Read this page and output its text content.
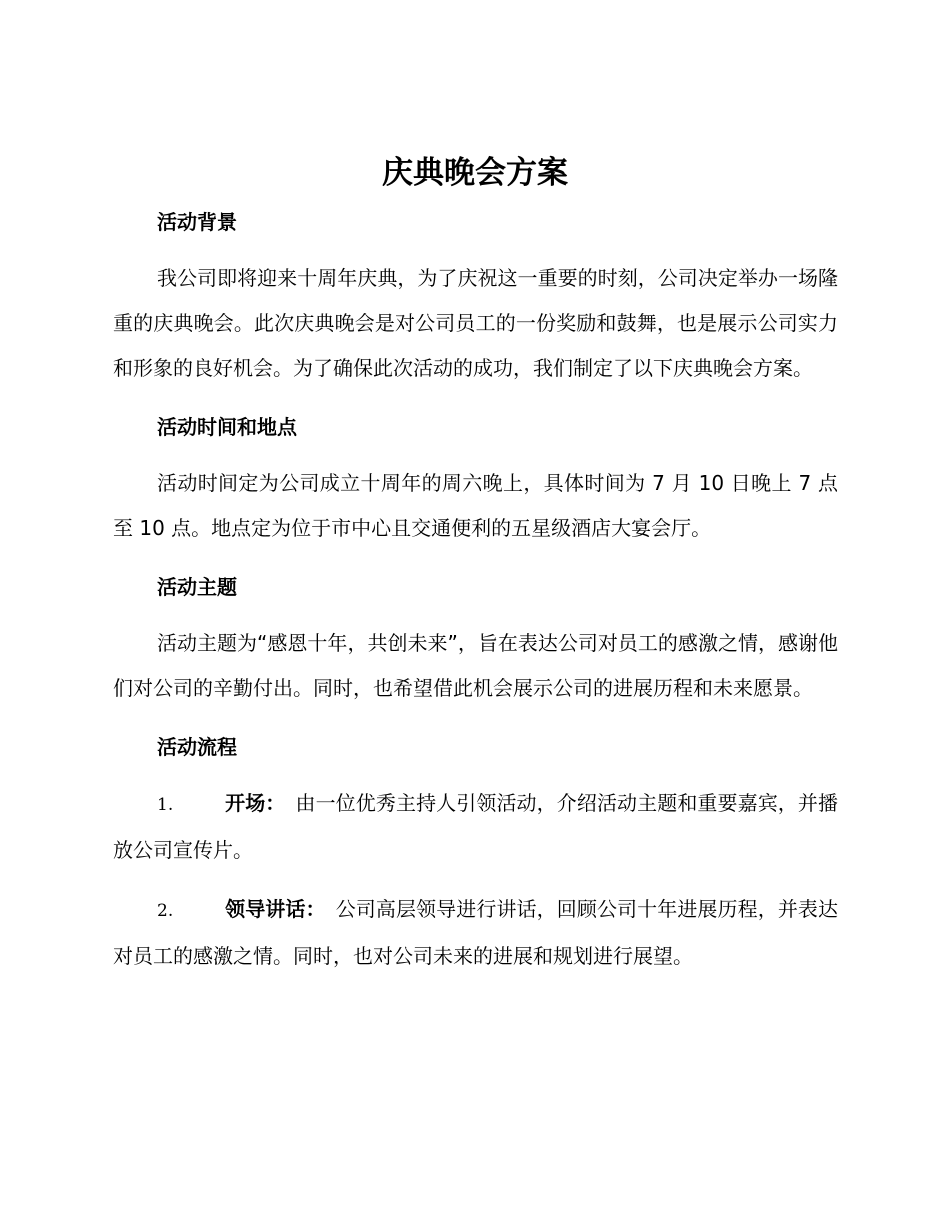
庆典晚会方案
活动背景

我公司即将迎来十周年庆典，为了庆祝这一重要的时刻，公司决定举办一场隆重的庆典晚会。此次庆典晚会是对公司员工的一份奖励和鼓舞，也是展示公司实力和形象的良好机会。为了确保此次活动的成功，我们制定了以下庆典晚会方案。

活动时间和地点

活动时间定为公司成立十周年的周六晚上，具体时间为 7 月 10 日晚上 7 点至 10 点。地点定为位于市中心且交通便利的五星级酒店大宴会厅。

活动主题

活动主题为“感恩十年，共创未来”，旨在表达公司对员工的感激之情，感谢他们对公司的辛勤付出。同时，也希望借此机会展示公司的进展历程和未来愿景。

活动流程

1.	开场： 由一位优秀主持人引领活动，介绍活动主题和重要嘉宾，并播放公司宣传片。

2.	领导讲话： 公司高层领导进行讲话，回顾公司十年进展历程，并表达对员工的感激之情。同时，也对公司未来的进展和规划进行展望。
